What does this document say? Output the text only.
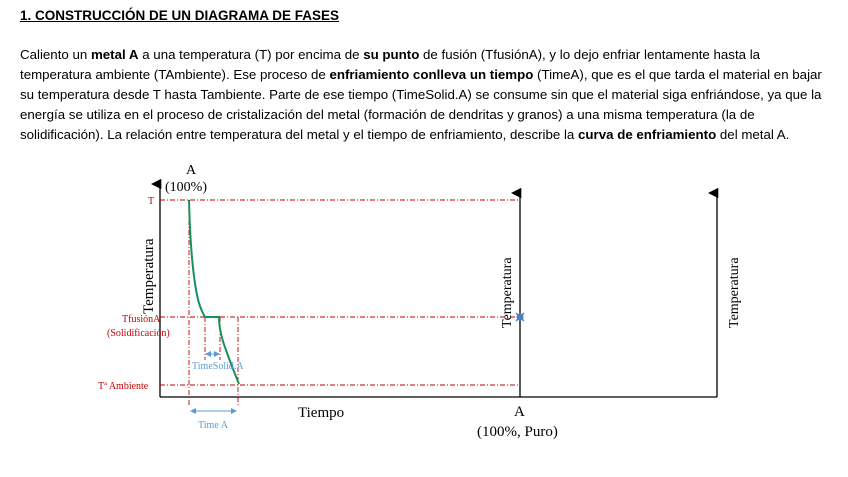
1. CONSTRUCCIÓN DE UN DIAGRAMA DE FASES
Caliento un metal A a una temperatura (T) por encima de su punto de fusión (TfusiónA), y lo dejo enfriar lentamente hasta la temperatura ambiente (TAmbiente). Ese proceso de enfriamiento conlleva un tiempo (TimeA), que es el que tarda el material en bajar su temperatura desde T hasta Tambiente. Parte de ese tiempo (TimeSolid.A) se consume sin que el material siga enfriándose, ya que la energía se utiliza en el proceso de cristalización del metal (formación de dendritas y granos) a una misma temperatura (la de solidificación). La relación entre temperatura del metal y el tiempo de enfriamiento, describe la curva de enfriamiento del metal A.
A
(100%)
T
TfusiónA
(Solidificación)
Tª Ambiente
TimeSolid.A
Time A
Tiempo
Temperatura	Temperatura	Temperatura
A
(100%, Puro)
